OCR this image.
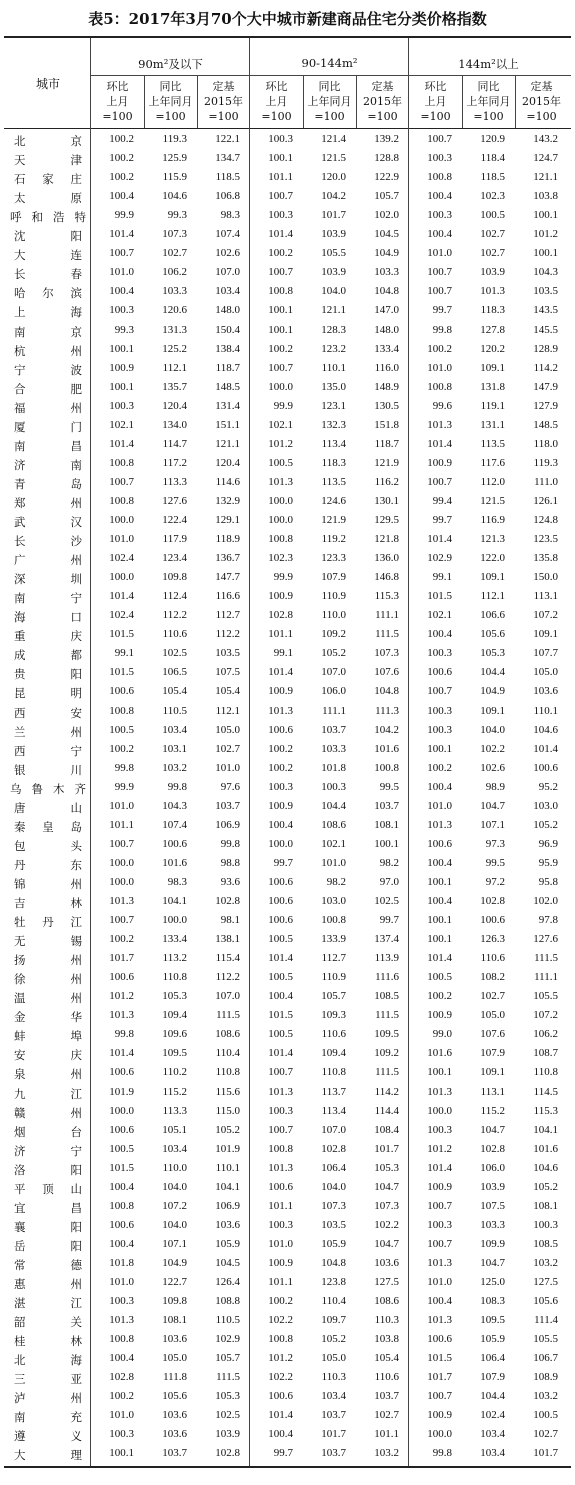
表5：2017年3月70个大中城市新建商品住宅分类价格指数
城市
90m²及以下
环比
上月
=100
同比
上年同月
=100
定基
2015年
=100
90-144m²
环比
上月
=100
同比
上年同月
=100
定基
2015年
=100
144m²以上
环比
上月
=100
同比
上年同月
=100
定基
2015年
=100
北	京	100.2	119.3	122.1	100.3	121.4	139.2	100.7	120.9	143.2
天	津	100.2	125.9	134.7	100.1	121.5	128.8	100.3	118.4	124.7
石 家 庄	100.2	115.9	118.5	101.1	120.0	122.9	100.8	118.5	121.1
太	原	100.4	104.6	106.8	100.7	104.2	105.7	100.4	102.3	103.8
呼 和 浩 特	99.9	99.3	98.3	100.3	101.7	102.0	100.3	100.5	100.1
沈	阳	101.4	107.3	107.4	101.4	103.9	104.5	100.4	102.7	101.2
大	连	100.7	102.7	102.6	100.2	105.5	104.9	101.0	102.7	100.1
长	春	101.0	106.2	107.0	100.7	103.9	103.3	100.7	103.9	104.3
哈 尔 滨	100.4	103.3	103.4	100.8	104.0	104.8	100.7	101.3	103.5
上	海	100.3	120.6	148.0	100.1	121.1	147.0	99.7	118.3	143.5
南	京	99.3	131.3	150.4	100.1	128.3	148.0	99.8	127.8	145.5
杭	州	100.1	125.2	138.4	100.2	123.2	133.4	100.2	120.2	128.9
宁	波	100.9	112.1	118.7	100.7	110.1	116.0	101.0	109.1	114.2
合	肥	100.1	135.7	148.5	100.0	135.0	148.9	100.8	131.8	147.9
福	州	100.3	120.4	131.4	99.9	123.1	130.5	99.6	119.1	127.9
厦	门	102.1	134.0	151.1	102.1	132.3	151.8	101.3	131.1	148.5
南	昌	101.4	114.7	121.1	101.2	113.4	118.7	101.4	113.5	118.0
济	南	100.8	117.2	120.4	100.5	118.3	121.9	100.9	117.6	119.3
青	岛	100.7	113.3	114.6	101.3	113.5	116.2	100.7	112.0	111.0
郑	州	100.8	127.6	132.9	100.0	124.6	130.1	99.4	121.5	126.1
武	汉	100.0	122.4	129.1	100.0	121.9	129.5	99.7	116.9	124.8
长	沙	101.0	117.9	118.9	100.8	119.2	121.8	101.4	121.3	123.5
广	州	102.4	123.4	136.7	102.3	123.3	136.0	102.9	122.0	135.8
深	圳	100.0	109.8	147.7	99.9	107.9	146.8	99.1	109.1	150.0
南	宁	101.4	112.4	116.6	100.9	110.9	115.3	101.5	112.1	113.1
海	口	102.4	112.2	112.7	102.8	110.0	111.1	102.1	106.6	107.2
重	庆	101.5	110.6	112.2	101.1	109.2	111.5	100.4	105.6	109.1
成	都	99.1	102.5	103.5	99.1	105.2	107.3	100.3	105.3	107.7
贵	阳	101.5	106.5	107.5	101.4	107.0	107.6	100.6	104.4	105.0
昆	明	100.6	105.4	105.4	100.9	106.0	104.8	100.7	104.9	103.6
西	安	100.8	110.5	112.1	101.3	111.1	111.3	100.3	109.1	110.1
兰	州	100.5	103.4	105.0	100.6	103.7	104.2	100.3	104.0	104.6
西	宁	100.2	103.1	102.7	100.2	103.3	101.6	100.1	102.2	101.4
银	川	99.8	103.2	101.0	100.2	101.8	100.8	100.2	102.6	100.6
乌 鲁 木 齐	99.9	99.8	97.6	100.3	100.3	99.5	100.4	98.9	95.2
唐	山	101.0	104.3	103.7	100.9	104.4	103.7	101.0	104.7	103.0
秦 皇 岛	101.1	107.4	106.9	100.4	108.6	108.1	101.3	107.1	105.2
包	头	100.7	100.6	99.8	100.0	102.1	100.1	100.6	97.3	96.9
丹	东	100.0	101.6	98.8	99.7	101.0	98.2	100.4	99.5	95.9
锦	州	100.0	98.3	93.6	100.6	98.2	97.0	100.1	97.2	95.8
吉	林	101.3	104.1	102.8	100.6	103.0	102.5	100.4	102.8	102.0
牡 丹 江	100.7	100.0	98.1	100.6	100.8	99.7	100.1	100.6	97.8
无	锡	100.2	133.4	138.1	100.5	133.9	137.4	100.1	126.3	127.6
扬	州	101.7	113.2	115.4	101.4	112.7	113.9	101.4	110.6	111.5
徐	州	100.6	110.8	112.2	100.5	110.9	111.6	100.5	108.2	111.1
温	州	101.2	105.3	107.0	100.4	105.7	108.5	100.2	102.7	105.5
金	华	101.3	109.4	111.5	101.5	109.3	111.5	100.9	105.0	107.2
蚌	埠	99.8	109.6	108.6	100.5	110.6	109.5	99.0	107.6	106.2
安	庆	101.4	109.5	110.4	101.4	109.4	109.2	101.6	107.9	108.7
泉	州	100.6	110.2	110.8	100.7	110.8	111.5	100.1	109.1	110.8
九	江	101.9	115.2	115.6	101.3	113.7	114.2	101.3	113.1	114.5
赣	州	100.0	113.3	115.0	100.3	113.4	114.4	100.0	115.2	115.3
烟	台	100.6	105.1	105.2	100.7	107.0	108.4	100.3	104.7	104.1
济	宁	100.5	103.4	101.9	100.8	102.8	101.7	101.2	102.8	101.6
洛	阳	101.5	110.0	110.1	101.3	106.4	105.3	101.4	106.0	104.6
平 顶 山	100.4	104.0	104.1	100.6	104.0	104.7	100.9	103.9	105.2
宜	昌	100.8	107.2	106.9	101.1	107.3	107.3	100.7	107.5	108.1
襄	阳	100.6	104.0	103.6	100.3	103.5	102.2	100.3	103.3	100.3
岳	阳	100.4	107.1	105.9	101.0	105.9	104.7	100.7	109.9	108.5
常	德	101.8	104.9	104.5	100.9	104.8	103.6	101.3	104.7	103.2
惠	州	101.0	122.7	126.4	101.1	123.8	127.5	101.0	125.0	127.5
湛	江	100.3	109.8	108.8	100.2	110.4	108.6	100.4	108.3	105.6
韶	关	101.3	108.1	110.5	102.2	109.7	110.3	101.3	109.5	111.4
桂	林	100.8	103.6	102.9	100.8	105.2	103.8	100.6	105.9	105.5
北	海	100.4	105.0	105.7	101.2	105.0	105.4	101.5	106.4	106.7
三	亚	102.8	111.8	111.5	102.2	110.3	110.6	101.7	107.9	108.9
泸	州	100.2	105.6	105.3	100.6	103.4	103.7	100.7	104.4	103.2
南	充	101.0	103.6	102.5	101.4	103.7	102.7	100.9	102.4	100.5
遵	义	100.3	103.6	103.9	100.4	101.7	101.1	100.0	103.4	102.7
大	理	100.1	103.7	102.8	99.7	103.7	103.2	99.8	103.4	101.7
